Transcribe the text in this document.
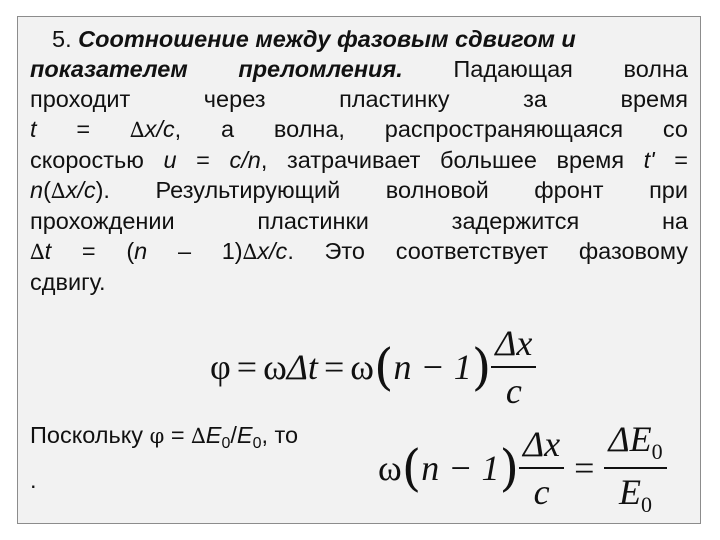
5. Соотношение между фазовым сдвигом и
показателем преломления. Падающая волна
проходит через пластинку за время
t = ∆x/c, а волна, распространяющаяся со
скоростью u = c/n, затрачивает большее время t' =
n(∆x/c). Результирующий волновой фронт при
прохождении пластинки задержится на
∆t = (n – 1)∆x/c. Это соответствует фазовому
сдвигу.
φ = ω Δt = ω ( n − 1 ) $\frac{\Delta x}{c}$
Поскольку $\varphi = \Delta E_0/E_0$, то
.	ω ( n − 1 ) $\frac{\Delta x}{c} = \frac{\Delta E_0}{E_0}$
